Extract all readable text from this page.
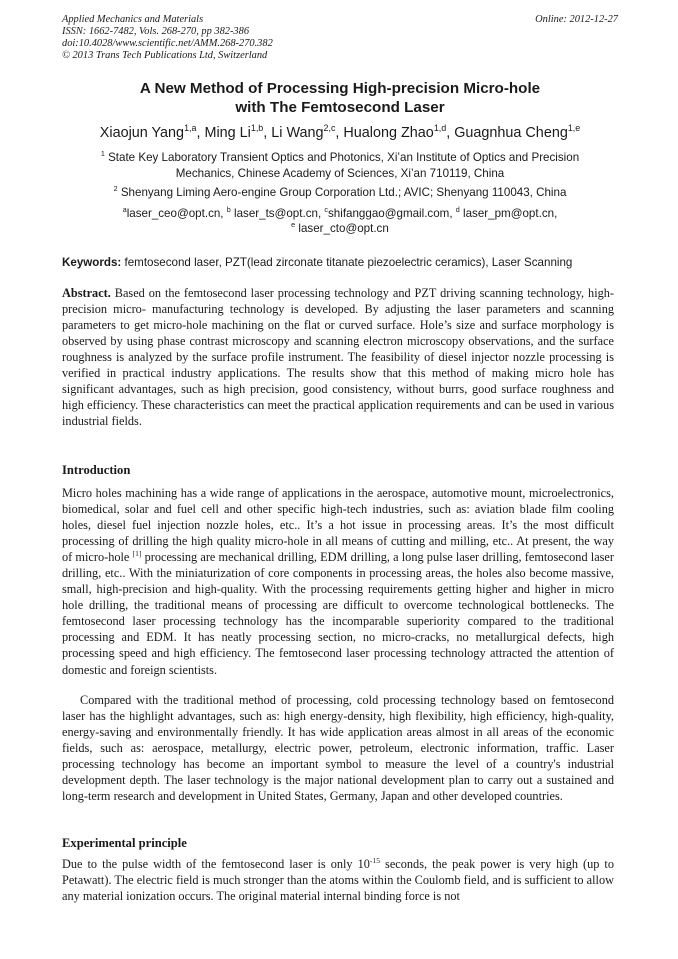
Applied Mechanics and Materials
ISSN: 1662-7482, Vols. 268-270, pp 382-386
doi:10.4028/www.scientific.net/AMM.268-270.382
© 2013 Trans Tech Publications Ltd, Switzerland
Online: 2012-12-27
A New Method of Processing High-precision Micro-hole
with The Femtosecond Laser
Xiaojun Yang$^{1,a}$, Ming Li$^{1,b}$, Li Wang$^{2,c}$, Hualong Zhao$^{1,d}$, Guagnhua Cheng$^{1,e}$
$^1$ State Key Laboratory Transient Optics and Photonics, Xi’an Institute of Optics and Precision
Mechanics, Chinese Academy of Sciences, Xi’an 710119, China
$^2$ Shenyang Liming Aero-engine Group Corporation Ltd.; AVIC; Shenyang 110043, China
$^a$laser_ceo@opt.cn, $^b$ laser_ts@opt.cn, $^c$shifanggao@gmail.com, $^d$ laser_pm@opt.cn,
$^e$ laser_cto@opt.cn
Keywords: femtosecond laser, PZT(lead zirconate titanate piezoelectric ceramics), Laser Scanning
Abstract. Based on the femtosecond laser processing technology and PZT driving scanning technology, high-precision micro- manufacturing technology is developed. By adjusting the laser parameters and scanning parameters to get micro-hole machining on the flat or curved surface. Hole’s size and surface morphology is observed by using phase contrast microscopy and scanning electron microscopy observations, and the surface roughness is analyzed by the surface profile instrument. The feasibility of diesel injector nozzle processing is verified in practical industry applications. The results show that this method of making micro hole has significant advantages, such as high precision, good consistency, without burrs, good surface roughness and high efficiency. These characteristics can meet the practical application requirements and can be used in various industrial fields.
Introduction
Micro holes machining has a wide range of applications in the aerospace, automotive mount, microelectronics, biomedical, solar and fuel cell and other specific high-tech industries, such as: aviation blade film cooling holes, diesel fuel injection nozzle holes, etc.. It’s a hot issue in processing areas. It’s the most difficult processing of drilling the high quality micro-hole in all means of cutting and milling, etc.. At present, the way of micro-hole [1] processing are mechanical drilling, EDM drilling, a long pulse laser drilling, femtosecond laser drilling, etc.. With the miniaturization of core components in processing areas, the holes also become massive, small, high-precision and high-quality. With the processing requirements getting higher and higher in micro hole drilling, the traditional means of processing are difficult to overcome technological bottlenecks. The femtosecond laser processing technology has the incomparable superiority compared to the traditional processing and EDM. It has neatly processing section, no micro-cracks, no metallurgical defects, high processing speed and high efficiency. The femtosecond laser processing technology attracted the attention of domestic and foreign scientists.
Compared with the traditional method of processing, cold processing technology based on femtosecond laser has the highlight advantages, such as: high energy-density, high flexibility, high efficiency, high-quality, energy-saving and environmentally friendly. It has wide application areas almost in all areas of the economic fields, such as: aerospace, metallurgy, electric power, petroleum, electronic information, traffic. Laser processing technology has become an important symbol to measure the level of a country's industrial development depth. The laser technology is the major national development plan to carry out a sustained and long-term research and development in United States, Germany, Japan and other developed countries.
Experimental principle
Due to the pulse width of the femtosecond laser is only $10^{-15}$ seconds, the peak power is very high (up to Petawatt). The electric field is much stronger than the atoms within the Coulomb field, and is sufficient to allow any material ionization occurs. The original material internal binding force is not
